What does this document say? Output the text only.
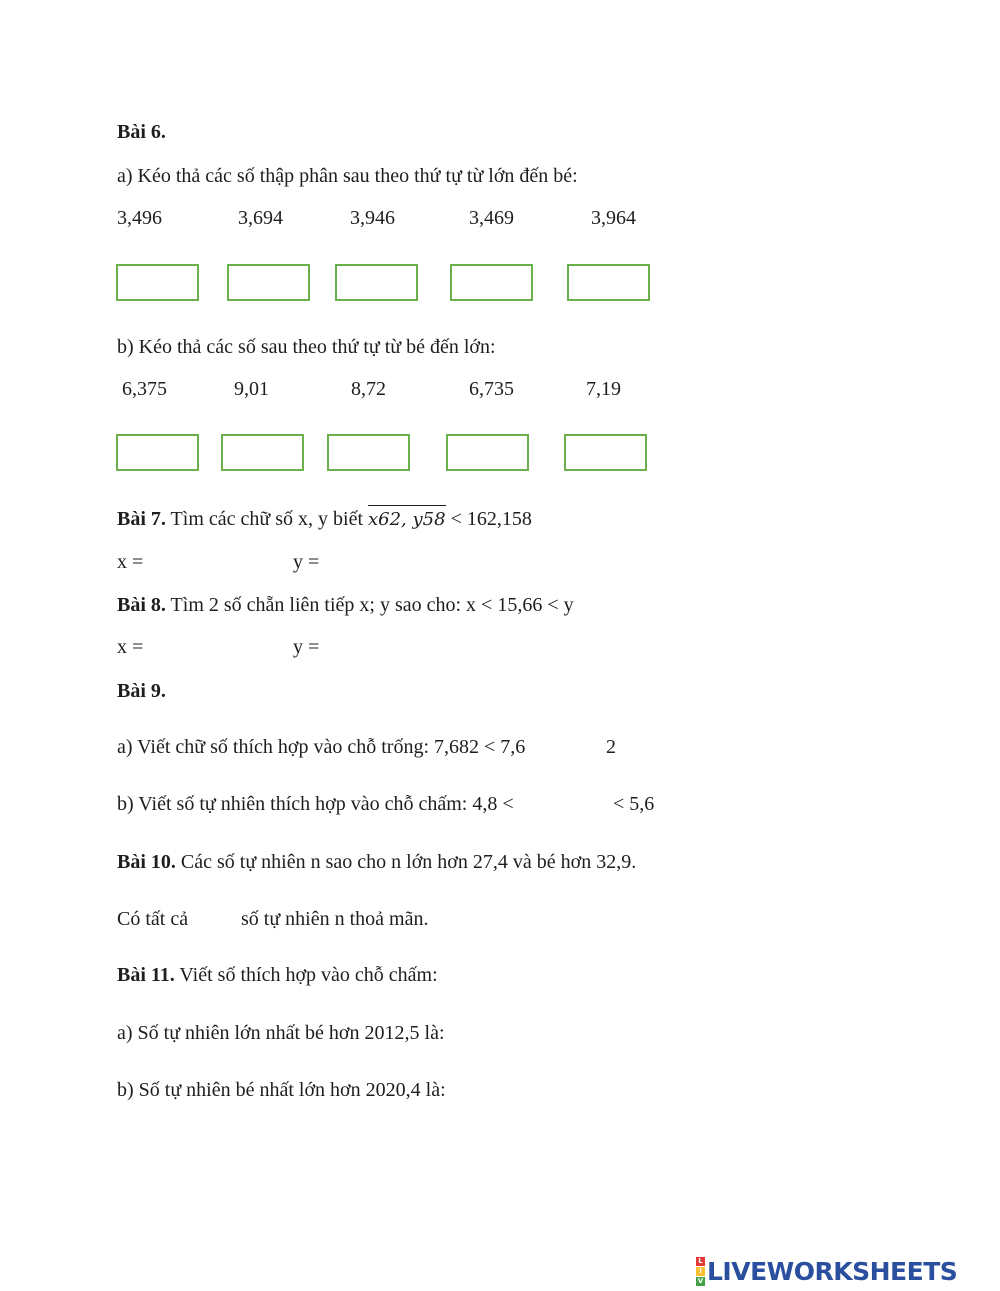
Bài 6.
a) Kéo thả các số thập phân sau theo thứ tự từ lớn đến bé:
3,496	3,694	3,946	3,469	3,964
b) Kéo thả các số sau theo thứ tự từ bé đến lớn:
6,375	9,01	8,72	6,735	7,19
Bài 7. Tìm các chữ số x, y biết x62, y58 < 162,158
x =	y =
Bài 8. Tìm 2 số chẵn liên tiếp x; y sao cho: x < 15,66 < y
x =	y =
Bài 9.
a) Viết chữ số thích hợp vào chỗ trống: 7,682 < 7,6	2
b) Viết số tự nhiên thích hợp vào chỗ chấm: 4,8 <	< 5,6
Bài 10. Các số tự nhiên n sao cho n lớn hơn 27,4 và bé hơn 32,9.
Có tất cả	số tự nhiên n thoả mãn.
Bài 11. Viết số thích hợp vào chỗ chấm:
a) Số tự nhiên lớn nhất bé hơn 2012,5 là:
b) Số tự nhiên bé nhất lớn hơn 2020,4 là:
L
I
V LIVEWORKSHEETS
